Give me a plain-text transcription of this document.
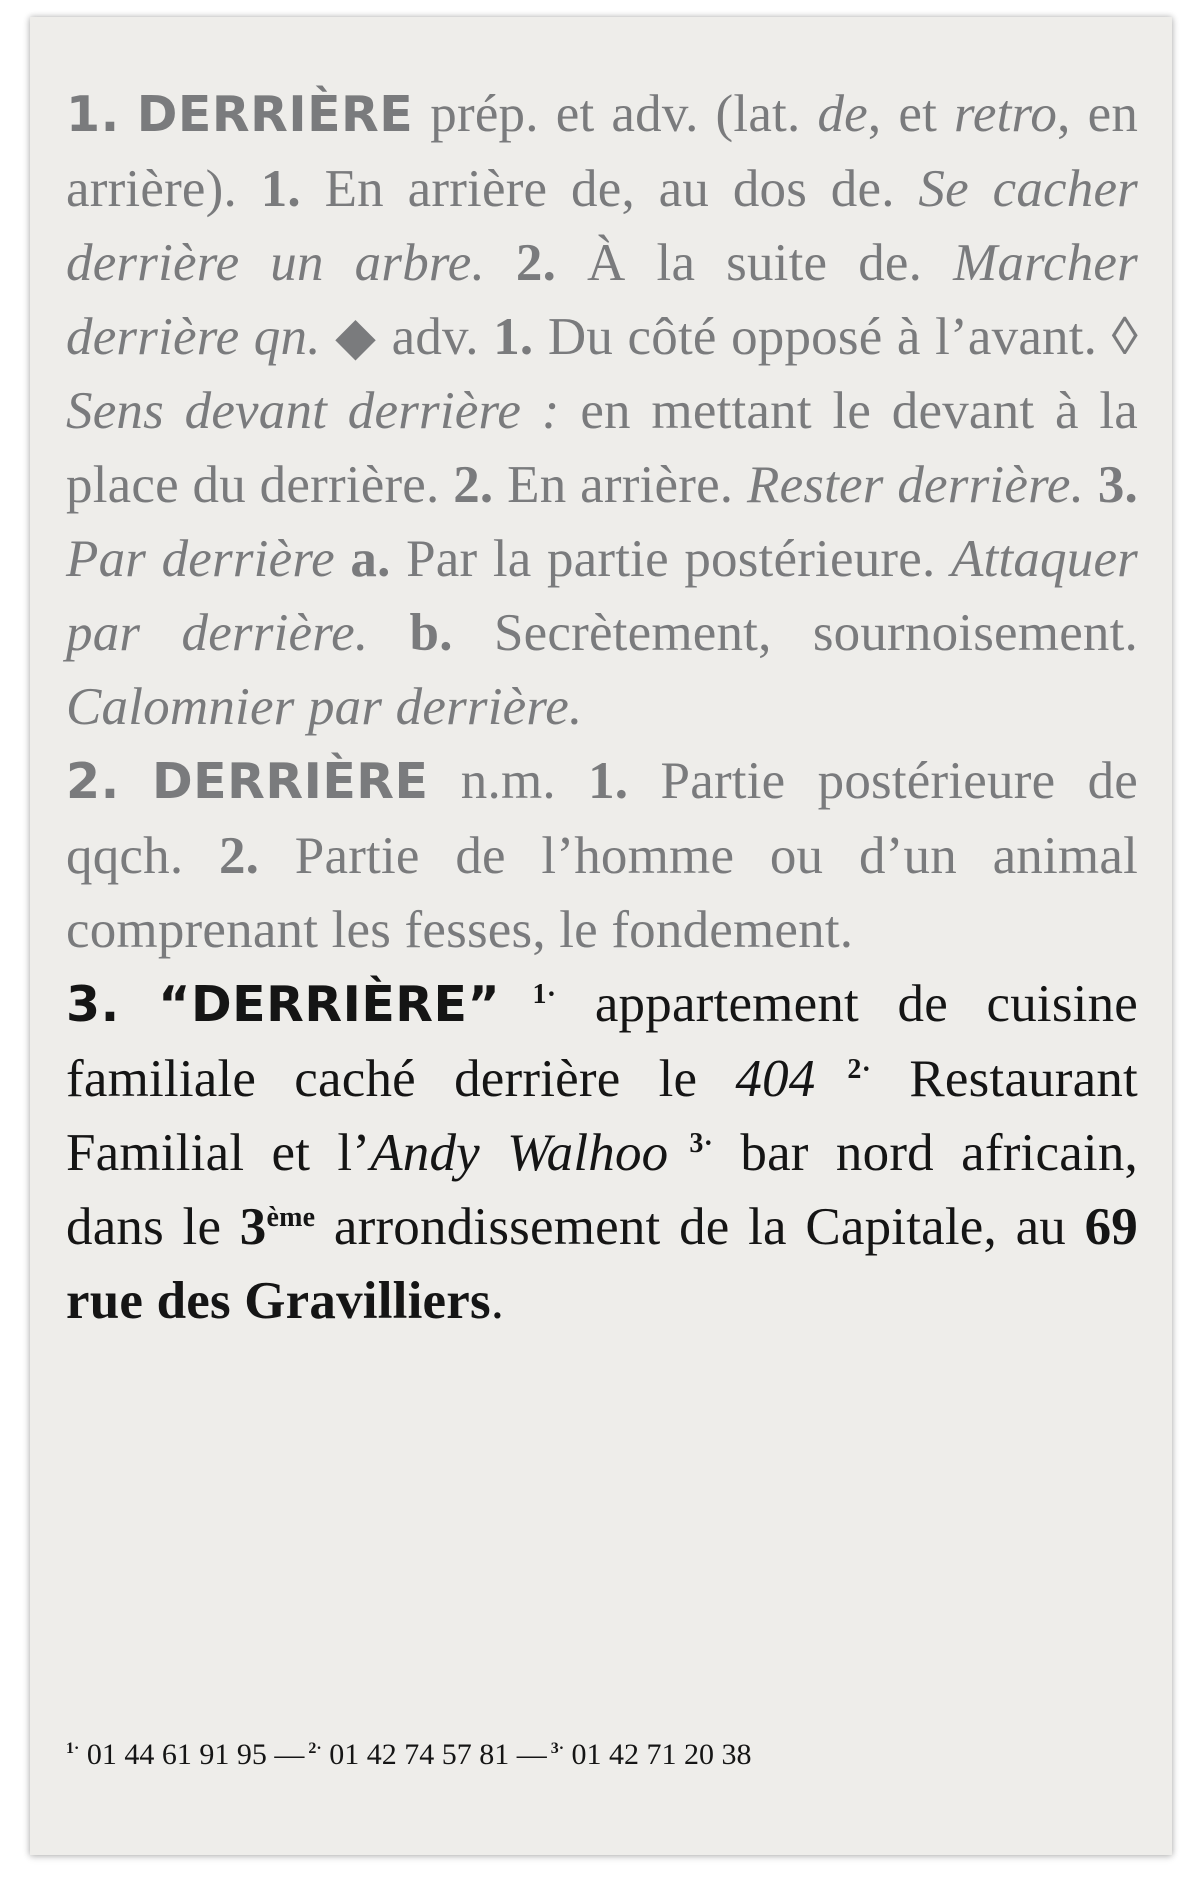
1. DERRIÈRE prép. et adv. (lat. de, et retro, en arrière). 1. En arrière de, au dos de. Se cacher derrière un arbre. 2. À la suite de. Marcher derrière qn. ◆ adv. 1. Du côté opposé à l’avant. ◊ Sens devant derrière : en mettant le devant à la place du derrière. 2. En arrière. Rester derrière. 3. Par derrière a. Par la partie postérieure. Attaquer par derrière. b. Secrètement, sournoisement. Calomnier par derrière.

2. DERRIÈRE n.m. 1. Partie postérieure de qqch. 2. Partie de l’homme ou d’un animal comprenant les fesses, le fondement.

3. “DERRIÈRE” $^{1\cdot}$ appartement de cuisine familiale caché derrière le 404 $^{2\cdot}$ Restaurant Familial et l’Andy Walhoo $^{3\cdot}$ bar nord africain, dans le 3ème arrondissement de la Capitale, au 69 rue des Gravilliers.

$^{1\cdot}$ 01 44 61 91 95 — $^{2\cdot}$ 01 42 74 57 81 — $^{3\cdot}$ 01 42 71 20 38
